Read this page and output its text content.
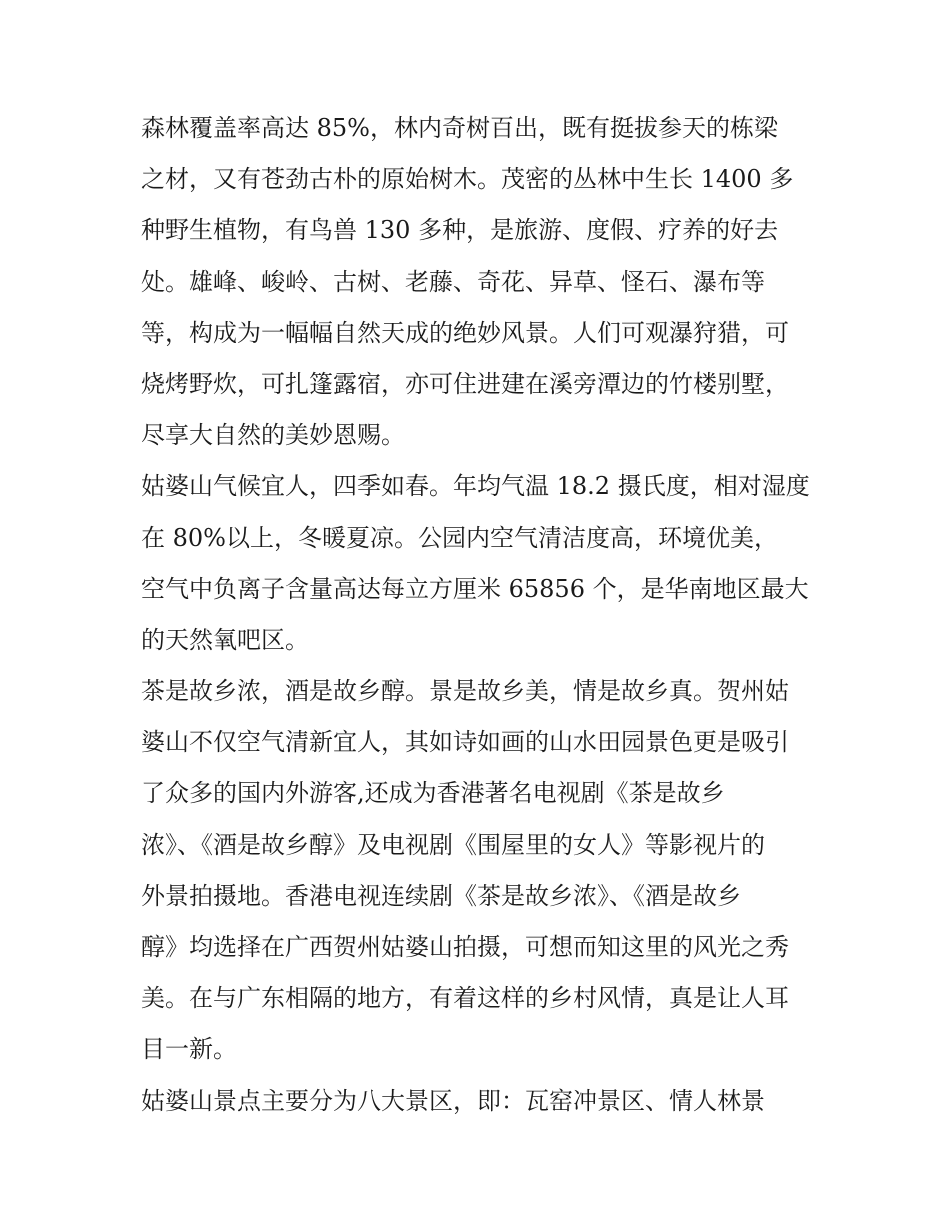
森林覆盖率高达 85%，林内奇树百出，既有挺拔参天的栋梁
之材，又有苍劲古朴的原始树木。茂密的丛林中生长 1400 多
种野生植物，有鸟兽 130 多种，是旅游、度假、疗养的好去
处。雄峰、峻岭、古树、老藤、奇花、异草、怪石、瀑布等
等，构成为一幅幅自然天成的绝妙风景。人们可观瀑狩猎，可
烧烤野炊，可扎篷露宿，亦可住进建在溪旁潭边的竹楼别墅，
尽享大自然的美妙恩赐。
姑婆山气候宜人，四季如春。年均气温 18.2 摄氏度，相对湿度
在 80%以上，冬暖夏凉。公园内空气清洁度高，环境优美，
空气中负离子含量高达每立方厘米 65856 个，是华南地区最大
的天然氧吧区。
茶是故乡浓，酒是故乡醇。景是故乡美，情是故乡真。贺州姑
婆山不仅空气清新宜人，其如诗如画的山水田园景色更是吸引
了众多的国内外游客,还成为香港著名电视剧《茶是故乡
浓》、《酒是故乡醇》及电视剧《围屋里的女人》等影视片的
外景拍摄地。香港电视连续剧《茶是故乡浓》、《酒是故乡
醇》均选择在广西贺州姑婆山拍摄，可想而知这里的风光之秀
美。在与广东相隔的地方，有着这样的乡村风情，真是让人耳
目一新。
姑婆山景点主要分为八大景区，即：瓦窑冲景区、情人林景
